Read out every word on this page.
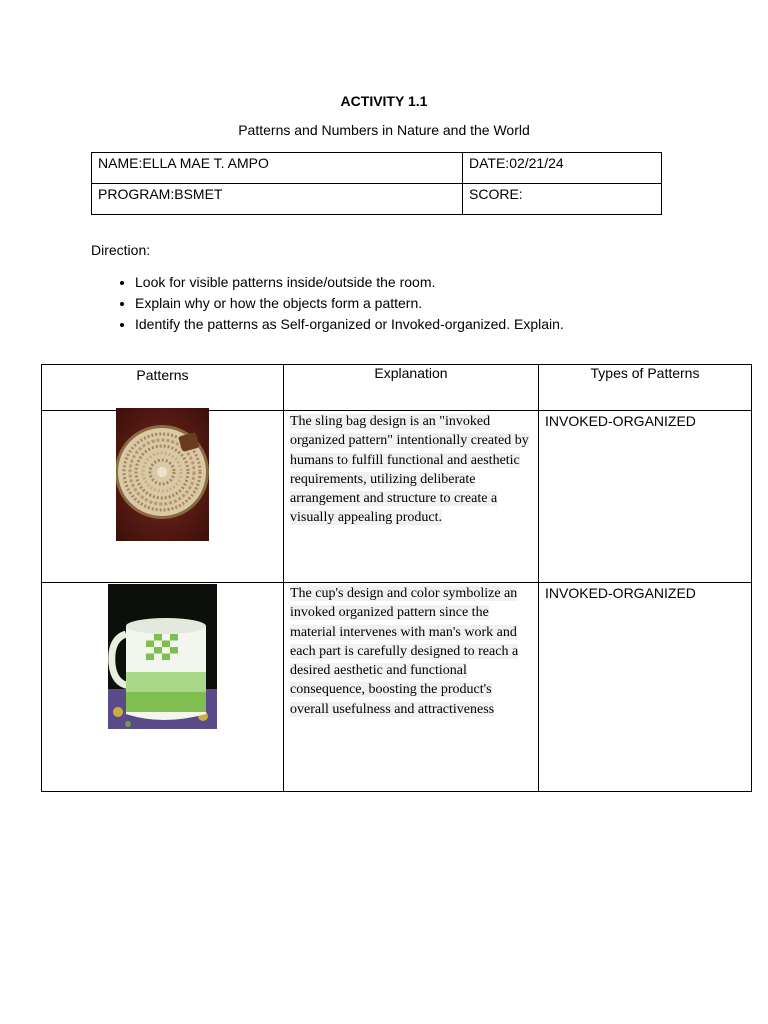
ACTIVITY 1.1
Patterns and Numbers in Nature and the World
NAME:ELLA MAE T. AMPO	DATE:02/21/24
PROGRAM:BSMET	SCORE:
Direction:
• Look for visible patterns inside/outside the room.
• Explain why or how the objects form a pattern.
• Identify the patterns as Self-organized or Invoked-organized. Explain.
Patterns	Explanation	Types of Patterns

The sling bag design is an "invoked organized pattern" intentionally created by humans to fulfill functional and aesthetic requirements, utilizing deliberate arrangement and structure to create a visually appealing product.	INVOKED-ORGANIZED

The cup's design and color symbolize an invoked organized pattern since the material intervenes with man's work and each part is carefully designed to reach a desired aesthetic and functional consequence, boosting the product's overall usefulness and attractiveness	INVOKED-ORGANIZED
